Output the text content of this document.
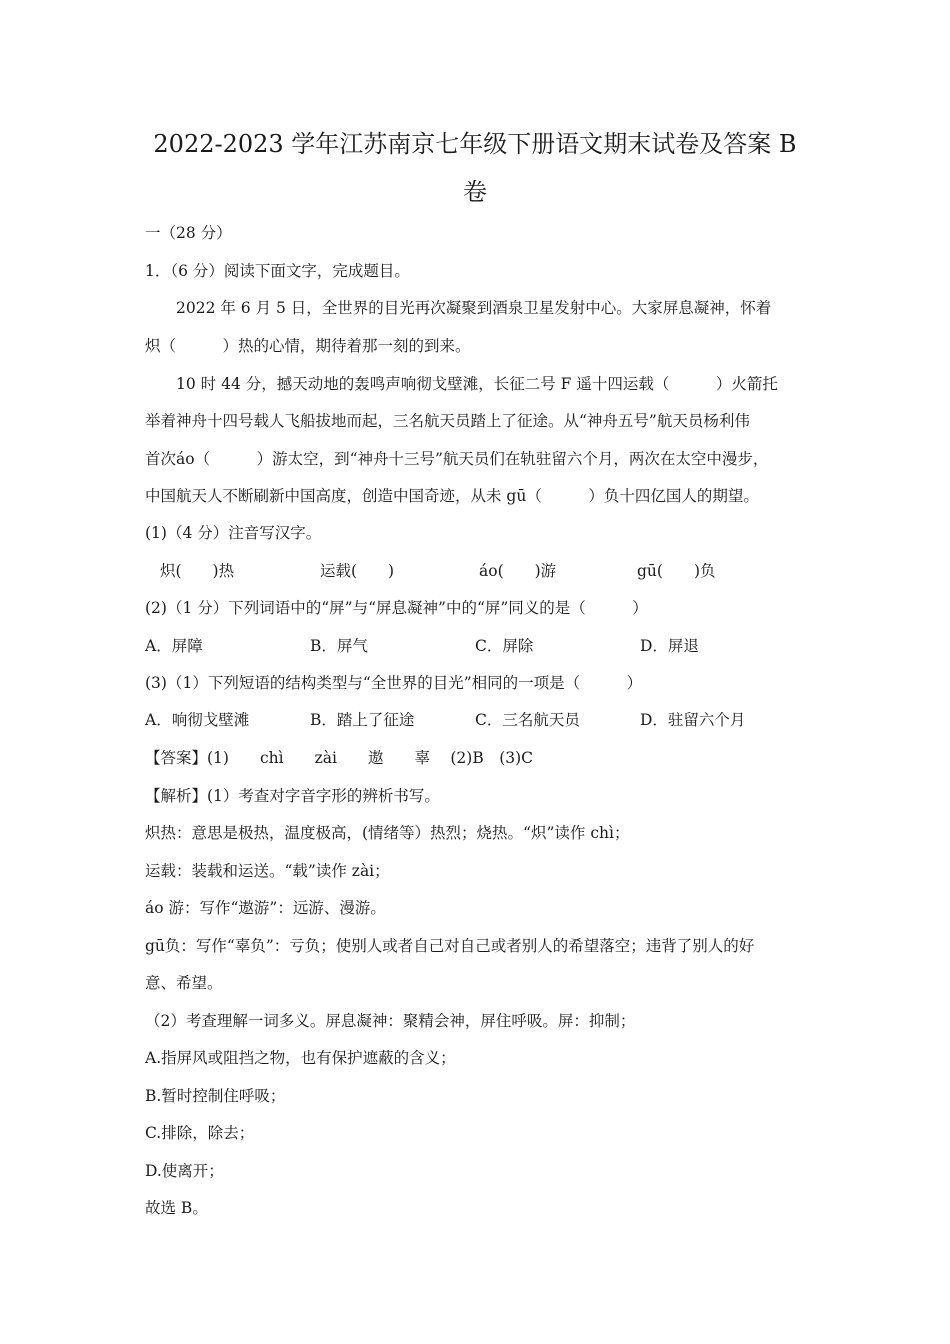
2022-2023 学年江苏南京七年级下册语文期末试卷及答案 B
卷
一（28 分）
1．（6 分）阅读下面文字，完成题目。
2022 年 6 月 5 日，全世界的目光再次凝聚到酒泉卫星发射中心。大家屏息凝神，怀着
炽（　　　）热的心情，期待着那一刻的到来。
10 时 44 分，撼天动地的轰鸣声响彻戈壁滩，长征二号 F 遥十四运载（　　　）火箭托
举着神舟十四号载人飞船拔地而起，三名航天员踏上了征途。从“神舟五号”航天员杨利伟
首次áo（　　　）游太空，到“神舟十三号”航天员们在轨驻留六个月，两次在太空中漫步，
中国航天人不断刷新中国高度，创造中国奇迹，从未 gū（　　　）负十四亿国人的期望。
(1)（4 分）注音写汉字。
炽(　　)热	运载(　　)	áo(　　)游	gū(　　)负
(2)（1 分）下列词语中的“屏”与“屏息凝神”中的“屏”同义的是（　　　）
A．屏障	B．屏气	C．屏除	D．屏退
(3)（1）下列短语的结构类型与“全世界的目光”相同的一项是（　　　）
A．响彻戈壁滩	B．踏上了征途	C．三名航天员	D．驻留六个月
【答案】(1)　　chì　　zài　　遨　　辜　 (2)B　(3)C
【解析】(1）考查对字音字形的辨析书写。
炽热：意思是极热，温度极高，(情绪等）热烈；烧热。“炽”读作 chì；
运载：装载和运送。“载”读作 zài；
áo 游：写作“遨游”：远游、漫游。
gū负：写作“辜负”：亏负；使别人或者自己对自己或者别人的希望落空；违背了别人的好
意、希望。
（2）考查理解一词多义。屏息凝神：聚精会神，屏住呼吸。屏：抑制；
A.指屏风或阻挡之物，也有保护遮蔽的含义；
B.暂时控制住呼吸；
C.排除，除去；
D.使离开；
故选 B。
